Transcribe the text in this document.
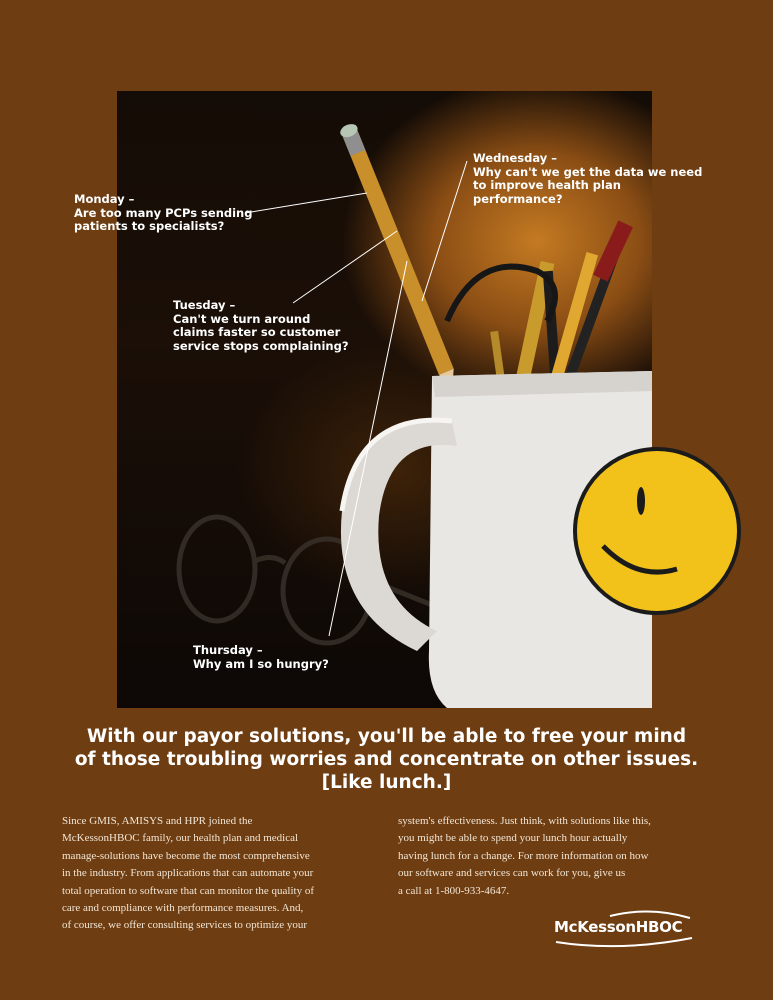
Monday –
Are too many PCPs sending
patients to specialists?
Tuesday –
Can't we turn around
claims faster so customer
service stops complaining?
Wednesday –
Why can't we get the data we need
to improve health plan performance?
Thursday –
Why am I so hungry?
With our payor solutions, you'll be able to free your mind
of those troubling worries and concentrate on other issues.
[Like lunch.]

Since GMIS, AMISYS and HPR joined the
McKessonHBOC family, our health plan and medical
manage-solutions have become the most comprehensive
in the industry. From applications that can automate your
total operation to software that can monitor the quality of
care and compliance with performance measures. And,
of course, we offer consulting services to optimize your

system's effectiveness. Just think, with solutions like this,
you might be able to spend your lunch hour actually
having lunch for a change. For more information on how
our software and services can work for you, give us
a call at 1-800-933-4647.

McKessonHBOC
